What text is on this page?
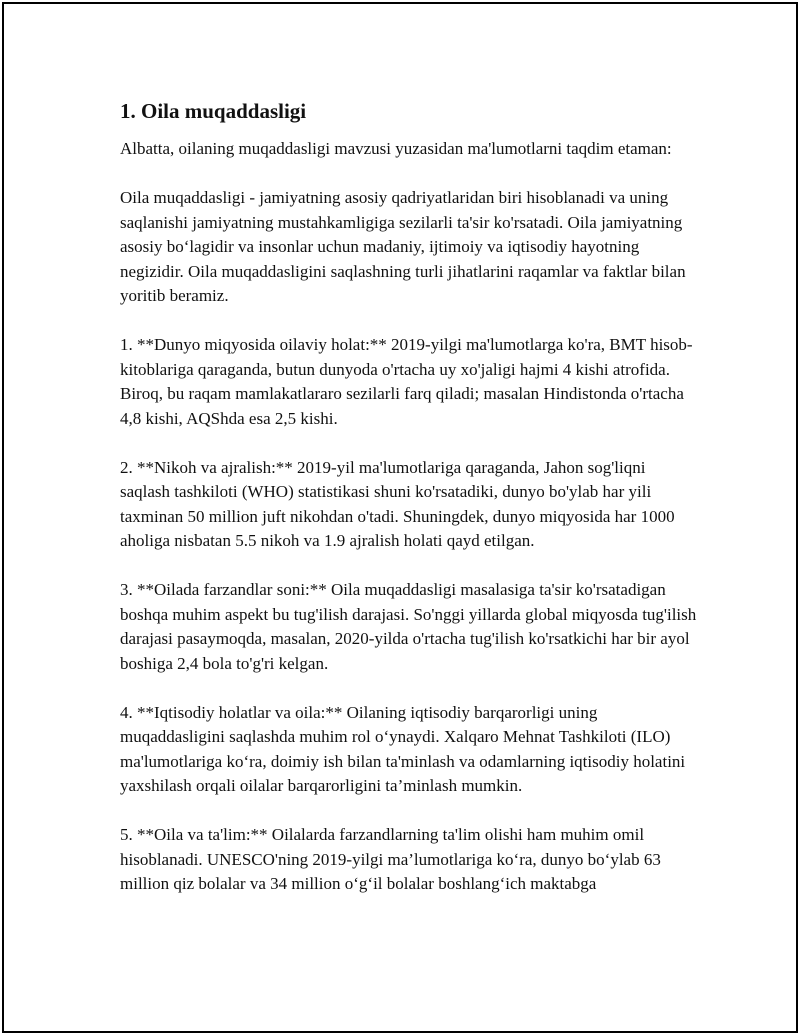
1. Oila muqaddasligi

Albatta, oilaning muqaddasligi mavzusi yuzasidan ma'lumotlarni taqdim etaman:

Oila muqaddasligi - jamiyatning asosiy qadriyatlaridan biri hisoblanadi va uning saqlanishi jamiyatning mustahkamligiga sezilarli ta'sir ko'rsatadi. Oila jamiyatning asosiy bo‘lagidir va insonlar uchun madaniy, ijtimoiy va iqtisodiy hayotning negizidir. Oila muqaddasligini saqlashning turli jihatlarini raqamlar va faktlar bilan yoritib beramiz.

1. **Dunyo miqyosida oilaviy holat:** 2019-yilgi ma'lumotlarga ko'ra, BMT hisob-kitoblariga qaraganda, butun dunyoda o'rtacha uy xo'jaligi hajmi 4 kishi atrofida. Biroq, bu raqam mamlakatlararo sezilarli farq qiladi; masalan Hindistonda o'rtacha 4,8 kishi, AQShda esa 2,5 kishi.

2. **Nikoh va ajralish:** 2019-yil ma'lumotlariga qaraganda, Jahon sog'liqni saqlash tashkiloti (WHO) statistikasi shuni ko'rsatadiki, dunyo bo'ylab har yili taxminan 50 million juft nikohdan o'tadi. Shuningdek, dunyo miqyosida har 1000 aholiga nisbatan 5.5 nikoh va 1.9 ajralish holati qayd etilgan.

3. **Oilada farzandlar soni:** Oila muqaddasligi masalasiga ta'sir ko'rsatadigan boshqa muhim aspekt bu tug'ilish darajasi. So'nggi yillarda global miqyosda tug'ilish darajasi pasaymoqda, masalan, 2020-yilda o'rtacha tug'ilish ko'rsatkichi har bir ayol boshiga 2,4 bola to'g'ri kelgan.

4. **Iqtisodiy holatlar va oila:** Oilaning iqtisodiy barqarorligi uning muqaddasligini saqlashda muhim rol o‘ynaydi. Xalqaro Mehnat Tashkiloti (ILO) ma'lumotlariga ko‘ra, doimiy ish bilan ta'minlash va odamlarning iqtisodiy holatini yaxshilash orqali oilalar barqarorligini ta’minlash mumkin.

5. **Oila va ta'lim:** Oilalarda farzandlarning ta'lim olishi ham muhim omil hisoblanadi. UNESCO'ning 2019-yilgi ma’lumotlariga ko‘ra, dunyo bo‘ylab 63 million qiz bolalar va 34 million o‘g‘il bolalar boshlang‘ich maktabga
